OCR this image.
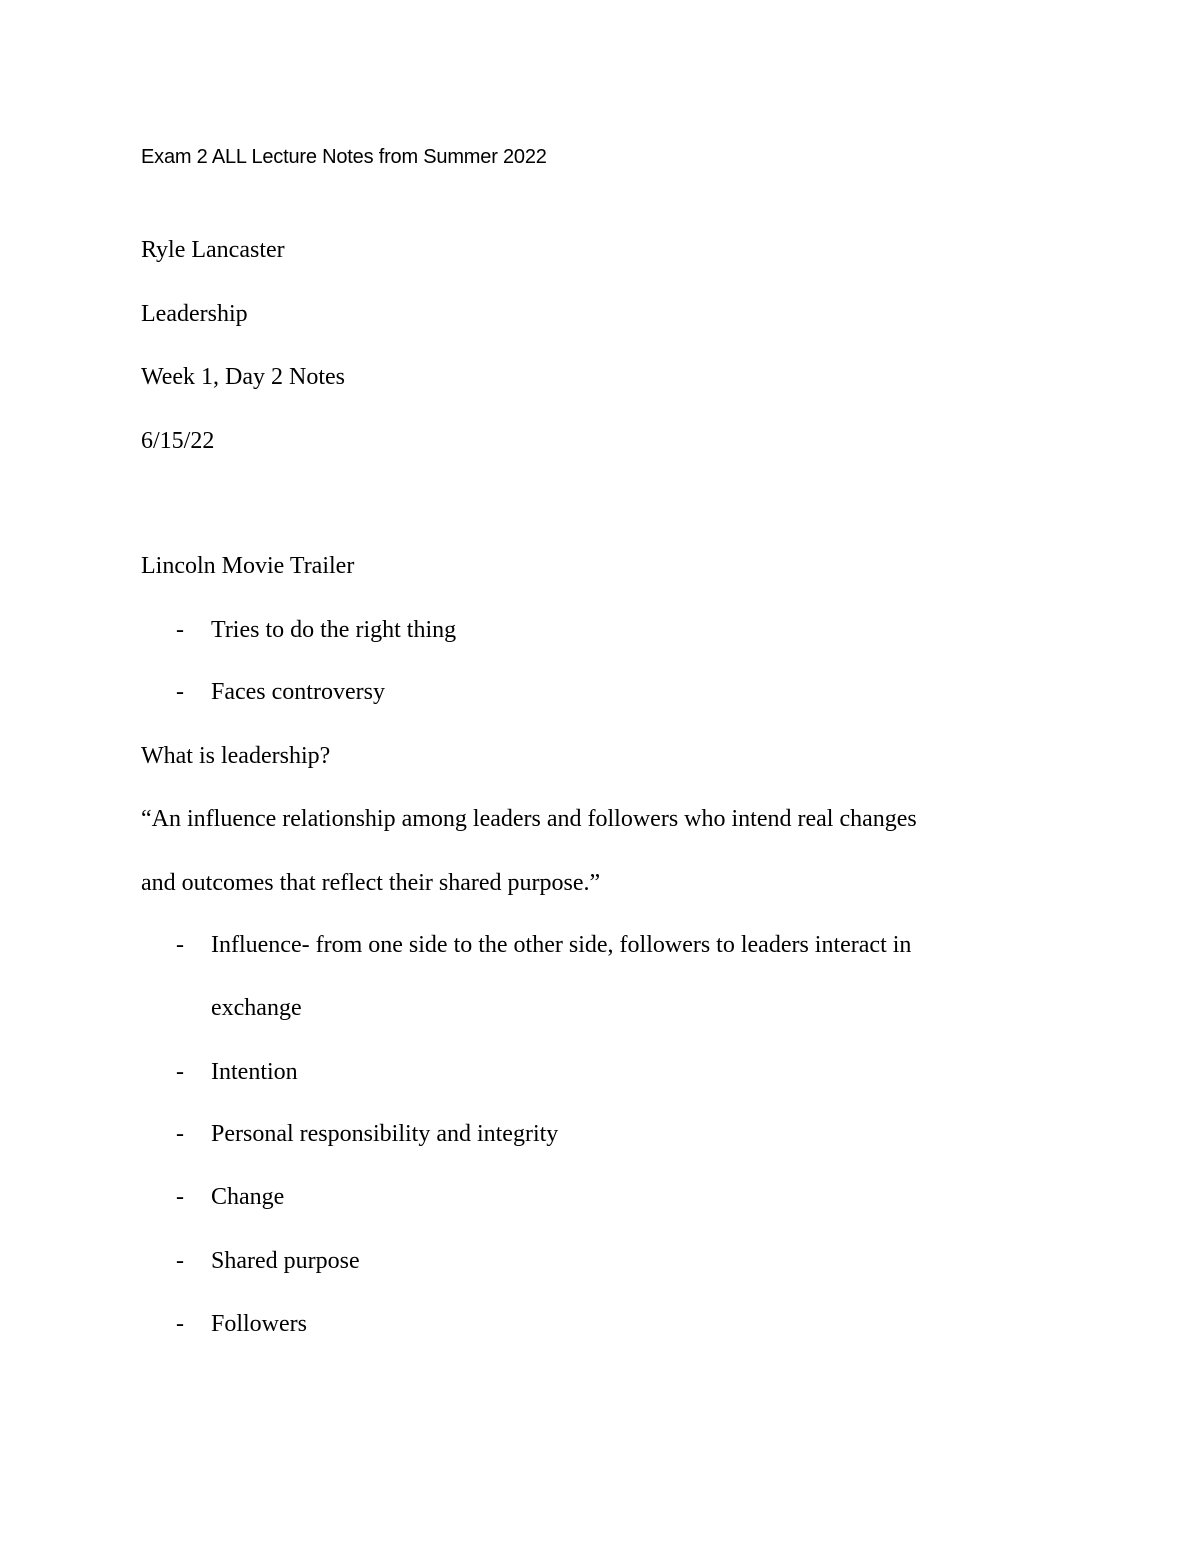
Exam 2 ALL Lecture Notes from Summer 2022
Ryle Lancaster
Leadership
Week 1, Day 2 Notes
6/15/22
Lincoln Movie Trailer
- Tries to do the right thing
- Faces controversy
What is leadership?
“An influence relationship among leaders and followers who intend real changes
and outcomes that reflect their shared purpose.”
- Influence- from one side to the other side, followers to leaders interact in
exchange
- Intention
- Personal responsibility and integrity
- Change
- Shared purpose
- Followers
